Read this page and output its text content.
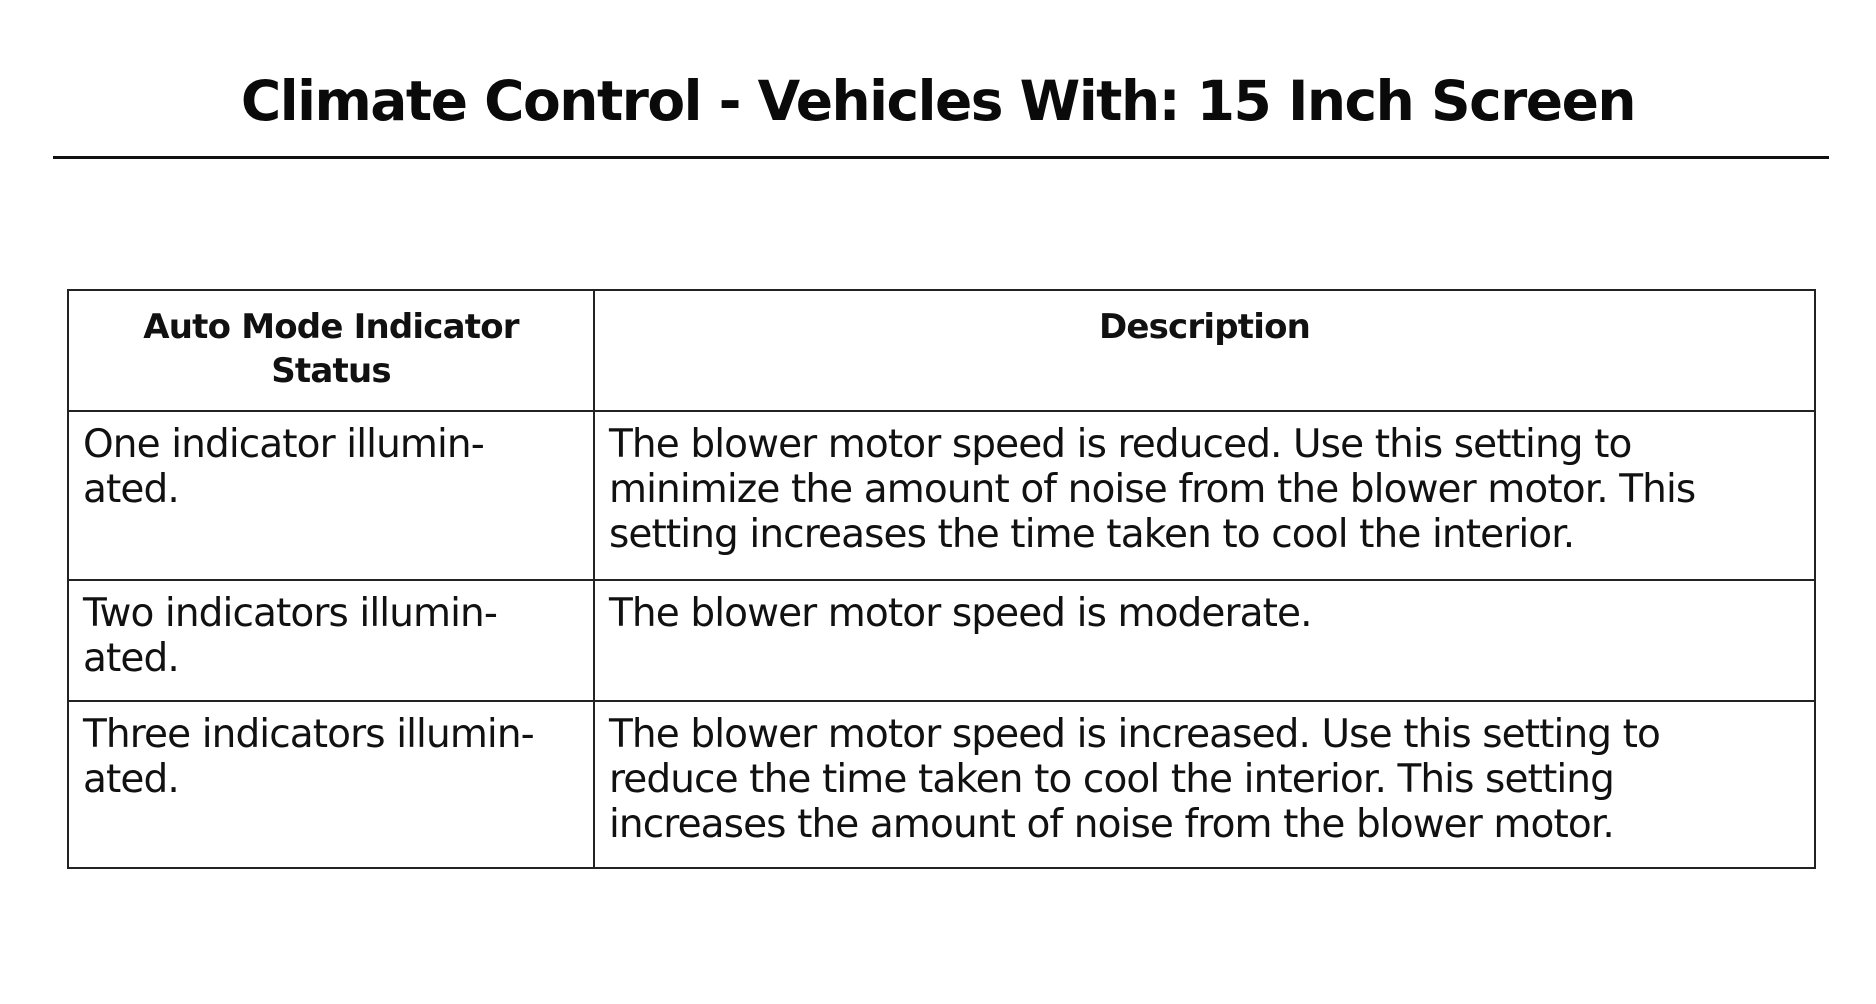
Climate Control - Vehicles With: 15 Inch Screen
Auto Mode Indicator
Status	Description

One indicator illumin-
ated.	The blower motor speed is reduced. Use this setting to
minimize the amount of noise from the blower motor. This
setting increases the time taken to cool the interior.

Two indicators illumin-
ated.	The blower motor speed is moderate.

Three indicators illumin-
ated.	The blower motor speed is increased. Use this setting to
reduce the time taken to cool the interior. This setting
increases the amount of noise from the blower motor.
